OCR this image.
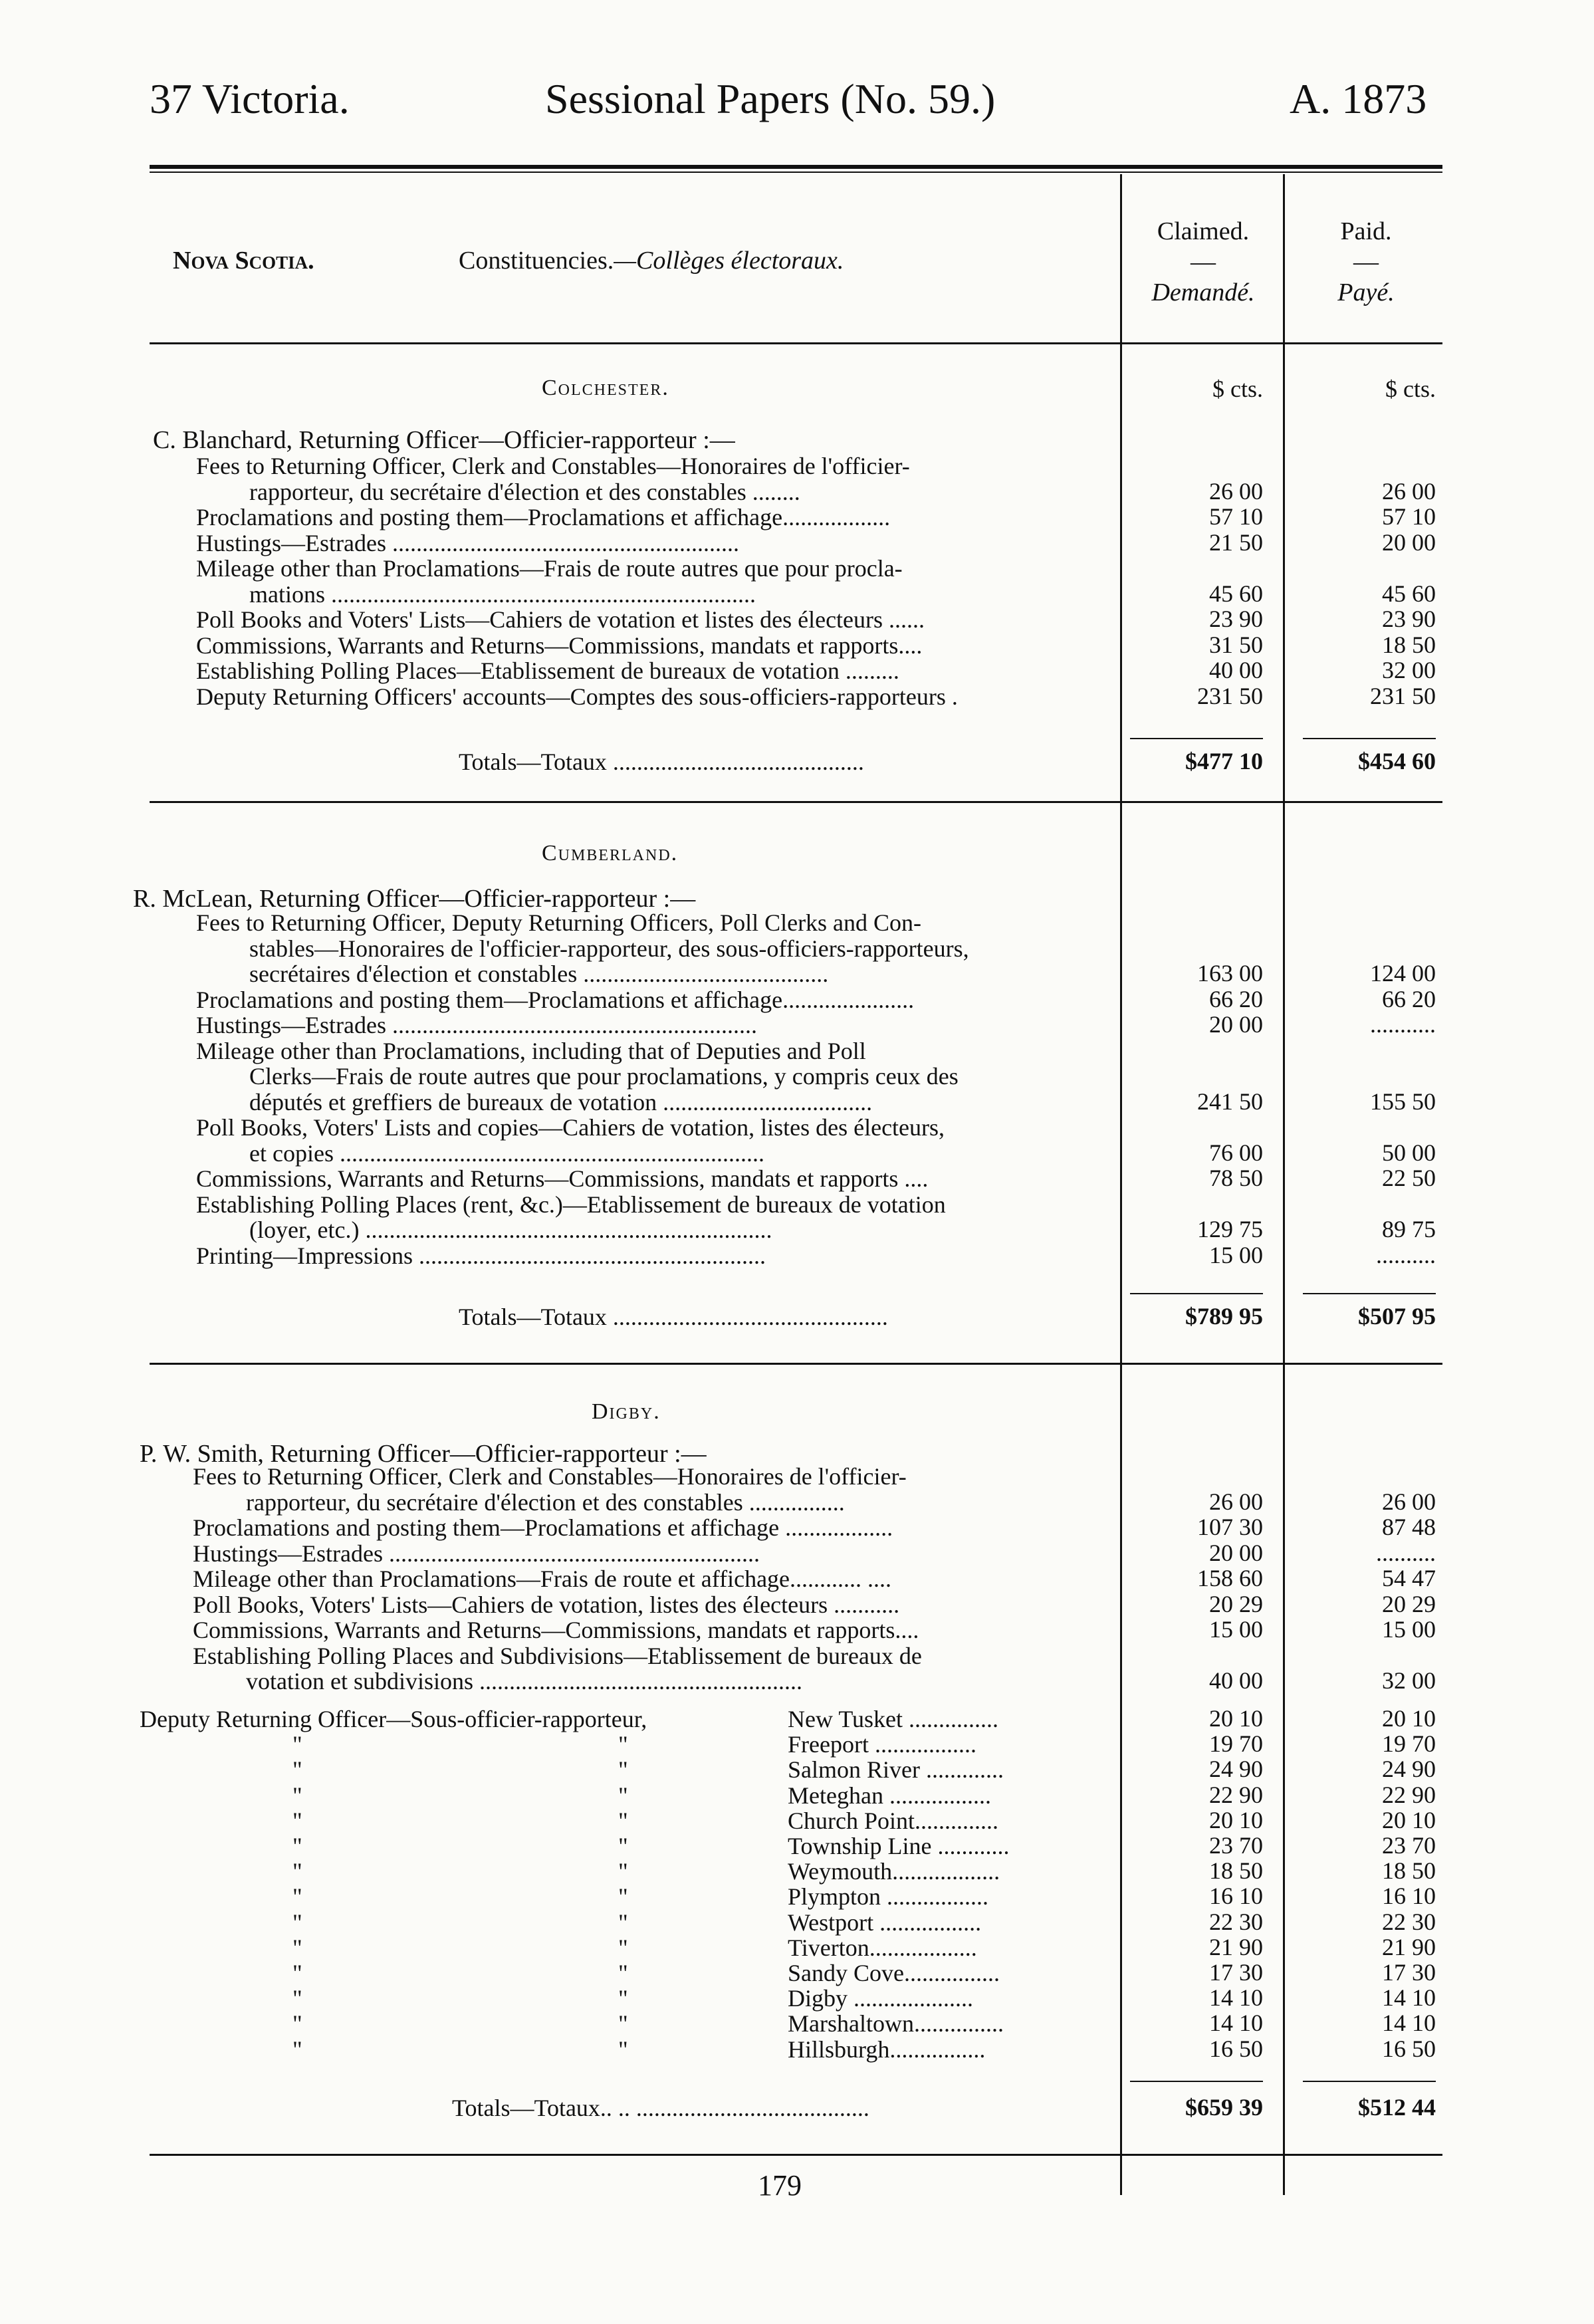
37 Victoria.	Sessional Papers (No. 59.)	A. 1873
Nova Scotia.	Constituencies.—Collèges électoraux.
Claimed.
—
Demandé.
Paid.
—
Payé.
Colchester.	$ cts.	$ cts.
C. Blanchard, Returning Officer—Officier-rapporteur :—
Fees to Returning Officer, Clerk and Constables—Honoraires de l'officier-
rapporteur, du secrétaire d'élection et des constables ........	26 00	26 00
Proclamations and posting them—Proclamations et affichage..................	57 10	57 10
Hustings—Estrades ..........................................................	21 50	20 00
Mileage other than Proclamations—Frais de route autres que pour procla-
mations .......................................................................	45 60	45 60
Poll Books and Voters' Lists—Cahiers de votation et listes des électeurs ......	23 90	23 90
Commissions, Warrants and Returns—Commissions, mandats et rapports....	31 50	18 50
Establishing Polling Places—Etablissement de bureaux de votation .........	40 00	32 00
Deputy Returning Officers' accounts—Comptes des sous-officiers-rapporteurs .	231 50	231 50
Totals—Totaux ..........................................	$477 10	$454 60
Cumberland.
R. McLean, Returning Officer—Officier-rapporteur :—
Fees to Returning Officer, Deputy Returning Officers, Poll Clerks and Con-
stables—Honoraires de l'officier-rapporteur, des sous-officiers-rapporteurs,
secrétaires d'élection et constables .........................................	163 00	124 00
Proclamations and posting them—Proclamations et affichage......................	66 20	66 20
Hustings—Estrades .............................................................	20 00	...........
Mileage other than Proclamations, including that of Deputies and Poll
Clerks—Frais de route autres que pour proclamations, y compris ceux des
députés et greffiers de bureaux de votation ...................................	241 50	155 50
Poll Books, Voters' Lists and copies—Cahiers de votation, listes des électeurs,
et copies .......................................................................	76 00	50 00
Commissions, Warrants and Returns—Commissions, mandats et rapports ....	78 50	22 50
Establishing Polling Places (rent, &c.)—Etablissement de bureaux de votation
(loyer, etc.) ....................................................................	129 75	89 75
Printing—Impressions ..........................................................	15 00	..........
Totals—Totaux ..............................................	$789 95	$507 95
Digby.
P. W. Smith, Returning Officer—Officier-rapporteur :—
Fees to Returning Officer, Clerk and Constables—Honoraires de l'officier-
rapporteur, du secrétaire d'élection et des constables ................	26 00	26 00
Proclamations and posting them—Proclamations et affichage ..................	107 30	87 48
Hustings—Estrades ..............................................................	20 00	..........
Mileage other than Proclamations—Frais de route et affichage............ ....	158 60	54 47
Poll Books, Voters' Lists—Cahiers de votation, listes des électeurs ...........	20 29	20 29
Commissions, Warrants and Returns—Commissions, mandats et rapports....	15 00	15 00
Establishing Polling Places and Subdivisions—Etablissement de bureaux de
votation et subdivisions ......................................................	40 00	32 00
Deputy Returning Officer—Sous-officier-rapporteur,	New Tusket ...............	20 10	20 10
"	"	Freeport .................	19 70	19 70
"	"	Salmon River .............	24 90	24 90
"	"	Meteghan .................	22 90	22 90
"	"	Church Point..............	20 10	20 10
"	"	Township Line ............	23 70	23 70
"	"	Weymouth..................	18 50	18 50
"	"	Plympton .................	16 10	16 10
"	"	Westport .................	22 30	22 30
"	"	Tiverton..................	21 90	21 90
"	"	Sandy Cove................	17 30	17 30
"	"	Digby ....................	14 10	14 10
"	"	Marshaltown...............	14 10	14 10
"	"	Hillsburgh................	16 50	16 50
Totals—Totaux.. .. .......................................	$659 39	$512 44
179
